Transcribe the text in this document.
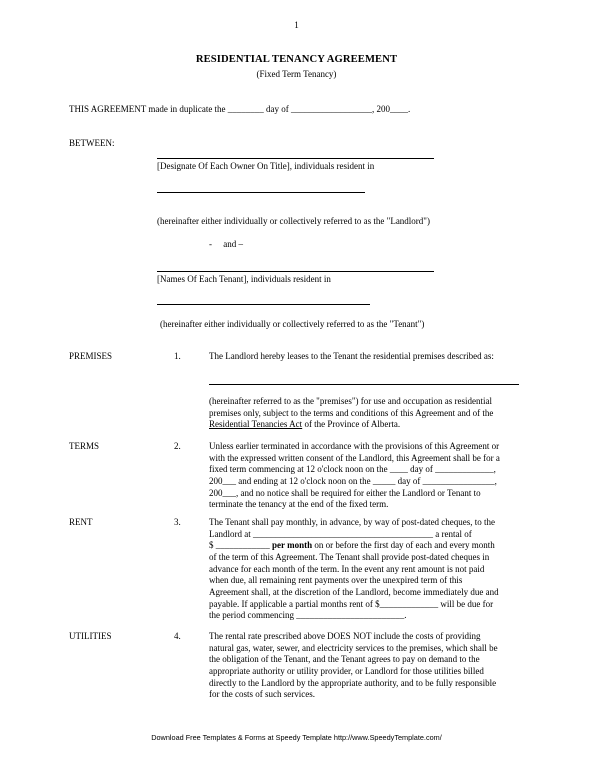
1
RESIDENTIAL TENANCY AGREEMENT
(Fixed Term Tenancy)
THIS AGREEMENT made in duplicate the ________ day of __________________, 200____.
BETWEEN:
[Designate Of Each Owner On Title], individuals resident in
(hereinafter either individually or collectively referred to as the "Landlord")
-     and –
[Names Of Each Tenant], individuals resident in
(hereinafter either individually or collectively referred to as the "Tenant")
PREMISES	1.	The Landlord hereby leases to the Tenant the residential premises described as:
(hereinafter referred to as the "premises") for use and occupation as residential
premises only, subject to the terms and conditions of this Agreement and of the
Residential Tenancies Act of the Province of Alberta.
TERMS	2.	Unless earlier terminated in accordance with the provisions of this Agreement or
with the expressed written consent of the Landlord, this Agreement shall be for a
fixed term commencing at 12 o'clock noon on the ____ day of _____________,
200___ and ending at 12 o'clock noon on the _____ day of ________________,
200___, and no notice shall be required for either the Landlord or Tenant to
terminate the tenancy at the end of the fixed term.
RENT	3.	The Tenant shall pay monthly, in advance, by way of post-dated cheques, to the
Landlord at ________________________________________ a rental of
$ ____________ per month on or before the first day of each and every month
of the term of this Agreement. The Tenant shall provide post-dated cheques in
advance for each month of the term. In the event any rent amount is not paid
when due, all remaining rent payments over the unexpired term of this
Agreement shall, at the discretion of the Landlord, become immediately due and
payable. If applicable a partial months rent of $_____________ will be due for
the period commencing ________________________.
UTILITIES	4.	The rental rate prescribed above DOES NOT include the costs of providing
natural gas, water, sewer, and electricity services to the premises, which shall be
the obligation of the Tenant, and the Tenant agrees to pay on demand to the
appropriate authority or utility provider, or Landlord for those utilities billed
directly to the Landlord by the appropriate authority, and to be fully responsible
for the costs of such services.
Download Free Templates & Forms at Speedy Template http://www.SpeedyTemplate.com/
